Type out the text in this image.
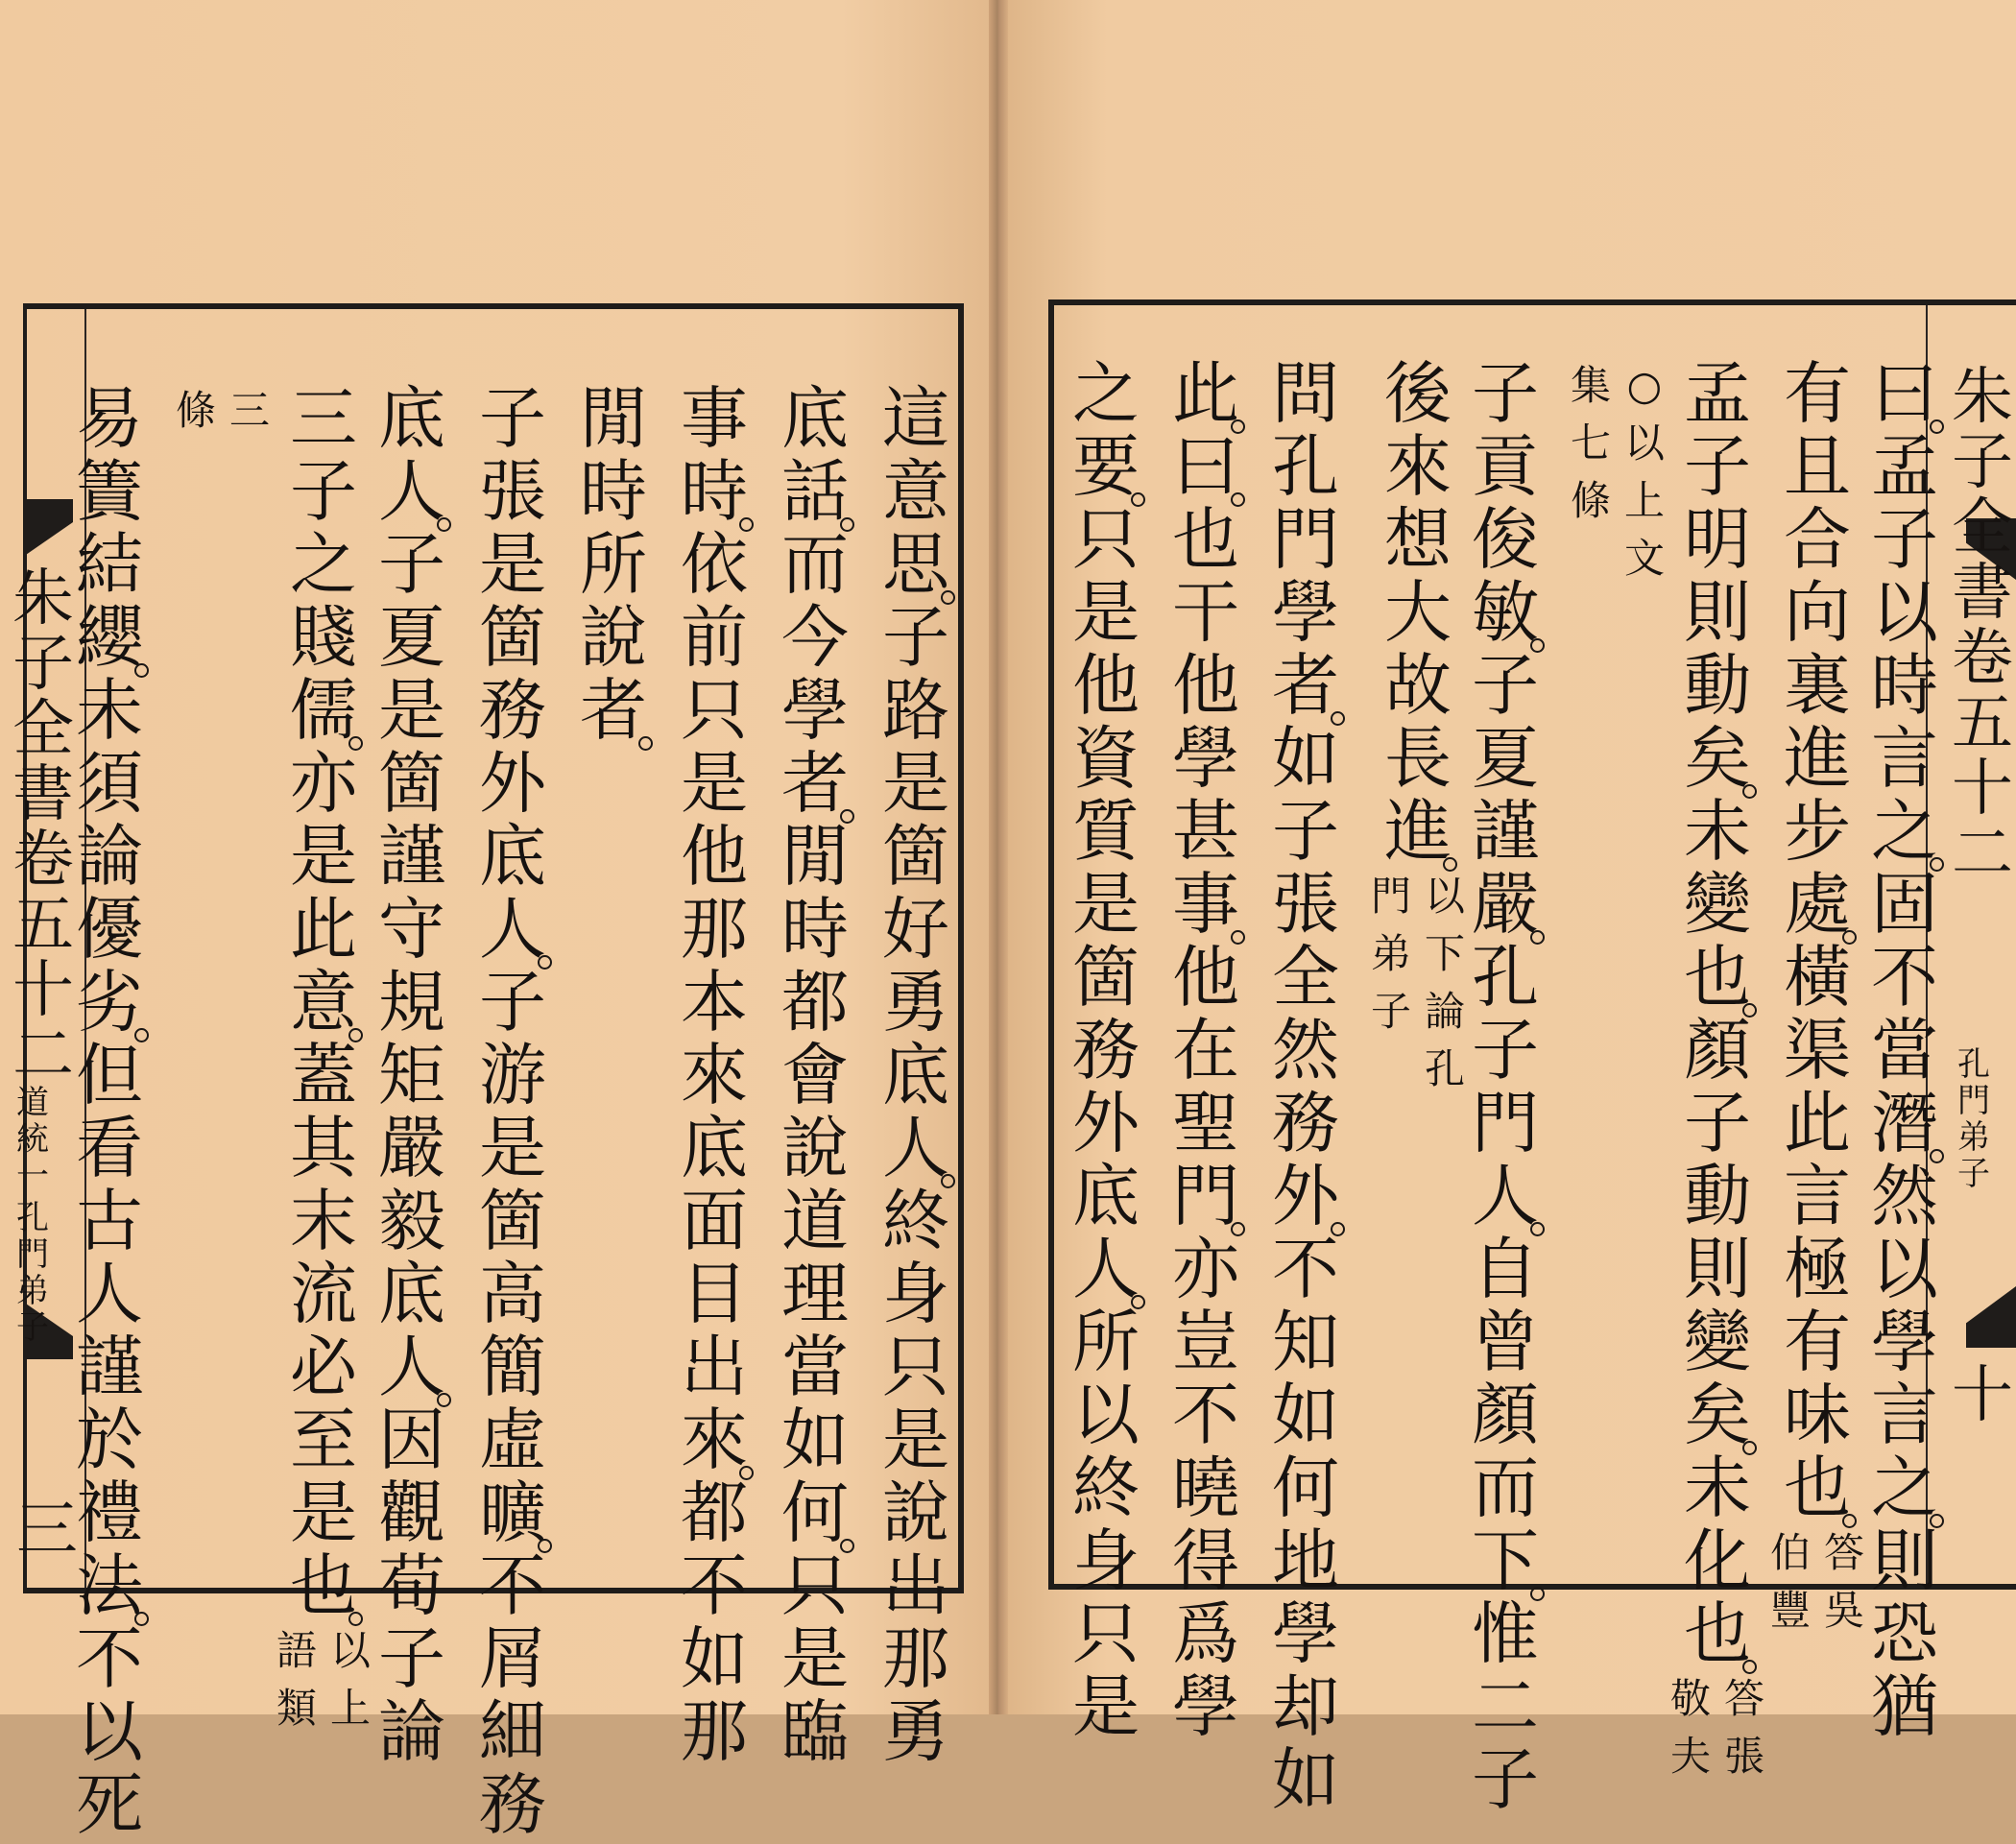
朱
子
全
書
卷
五
十
二
道
統
一
孔
門
弟
子
三
朱
子
全
書
卷
五
十
二
孔
門
弟
子
十
這
意
思
子
路
是
箇
好
勇
底
人
終
身
只
是
說
出
那
勇
底
話
而
今
學
者
閒
時
都
會
說
道
理
當
如
何
只
是
臨
事
時
依
前
只
是
他
那
本
來
底
面
目
出
來
都
不
如
那
閒
時
所
說
者
子
張
是
箇
務
外
底
人
子
游
是
箇
高
簡
虛
曠
不
屑
細
務
底
人
子
夏
是
箇
謹
守
規
矩
嚴
毅
底
人
因
觀
荀
子
論
三
子
之
賤
儒
亦
是
此
意
蓋
其
末
流
必
至
是
也
以
上
語
類
三
條
易
簀
結
纓
未
須
論
優
劣
但
看
古
人
謹
於
禮
法
不
以
死
曰
孟
子
以
時
言
之
固
不
當
潛
然
以
學
言
之
則
恐
猶
有
且
合
向
裏
進
步
處
橫
渠
此
言
極
有
味
也
答
吳
伯
豐
孟
子
明
則
動
矣
未
變
也
顏
子
動
則
變
矣
未
化
也
答
張
敬
夫
○
以
上
文
集
七
條
子
貢
俊
敏
子
夏
謹
嚴
孔
子
門
人
自
曾
顏
而
下
惟
二
子
後
來
想
大
故
長
進
以
下
論
孔
門
弟
子
問
孔
門
學
者
如
子
張
全
然
務
外
不
知
如
何
地
學
却
如
此
曰
也
干
他
學
甚
事
他
在
聖
門
亦
豈
不
曉
得
爲
學
之
要
只
是
他
資
質
是
箇
務
外
底
人
所
以
終
身
只
是
